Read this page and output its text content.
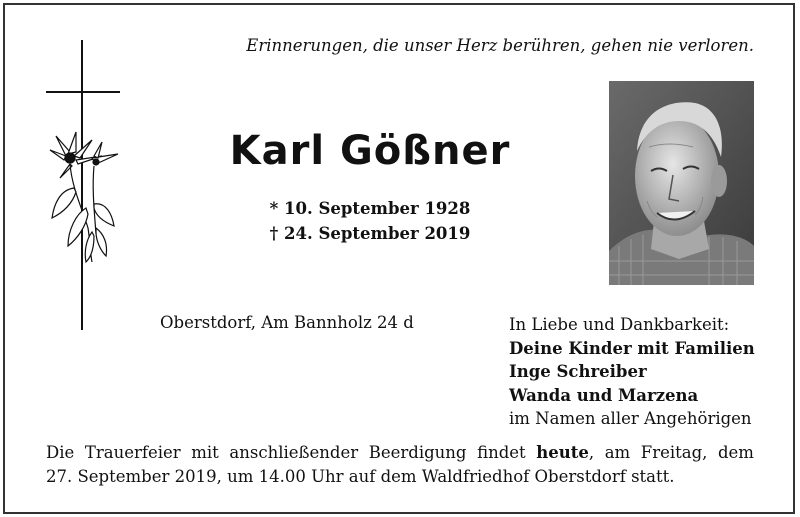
Erinnerungen, die unser Herz berühren, gehen nie verloren.
Karl Gößner
* 10. September 1928
† 24. September 2019
Oberstdorf, Am Bannholz 24 d	In Liebe und Dankbarkeit:
Deine Kinder mit Familien
Inge Schreiber
Wanda und Marzena
im Namen aller Angehörigen
Die Trauerfeier mit anschließender Beerdigung findet heute, am Freitag, dem
27. September 2019, um 14.00 Uhr auf dem Waldfriedhof Oberstdorf statt.
